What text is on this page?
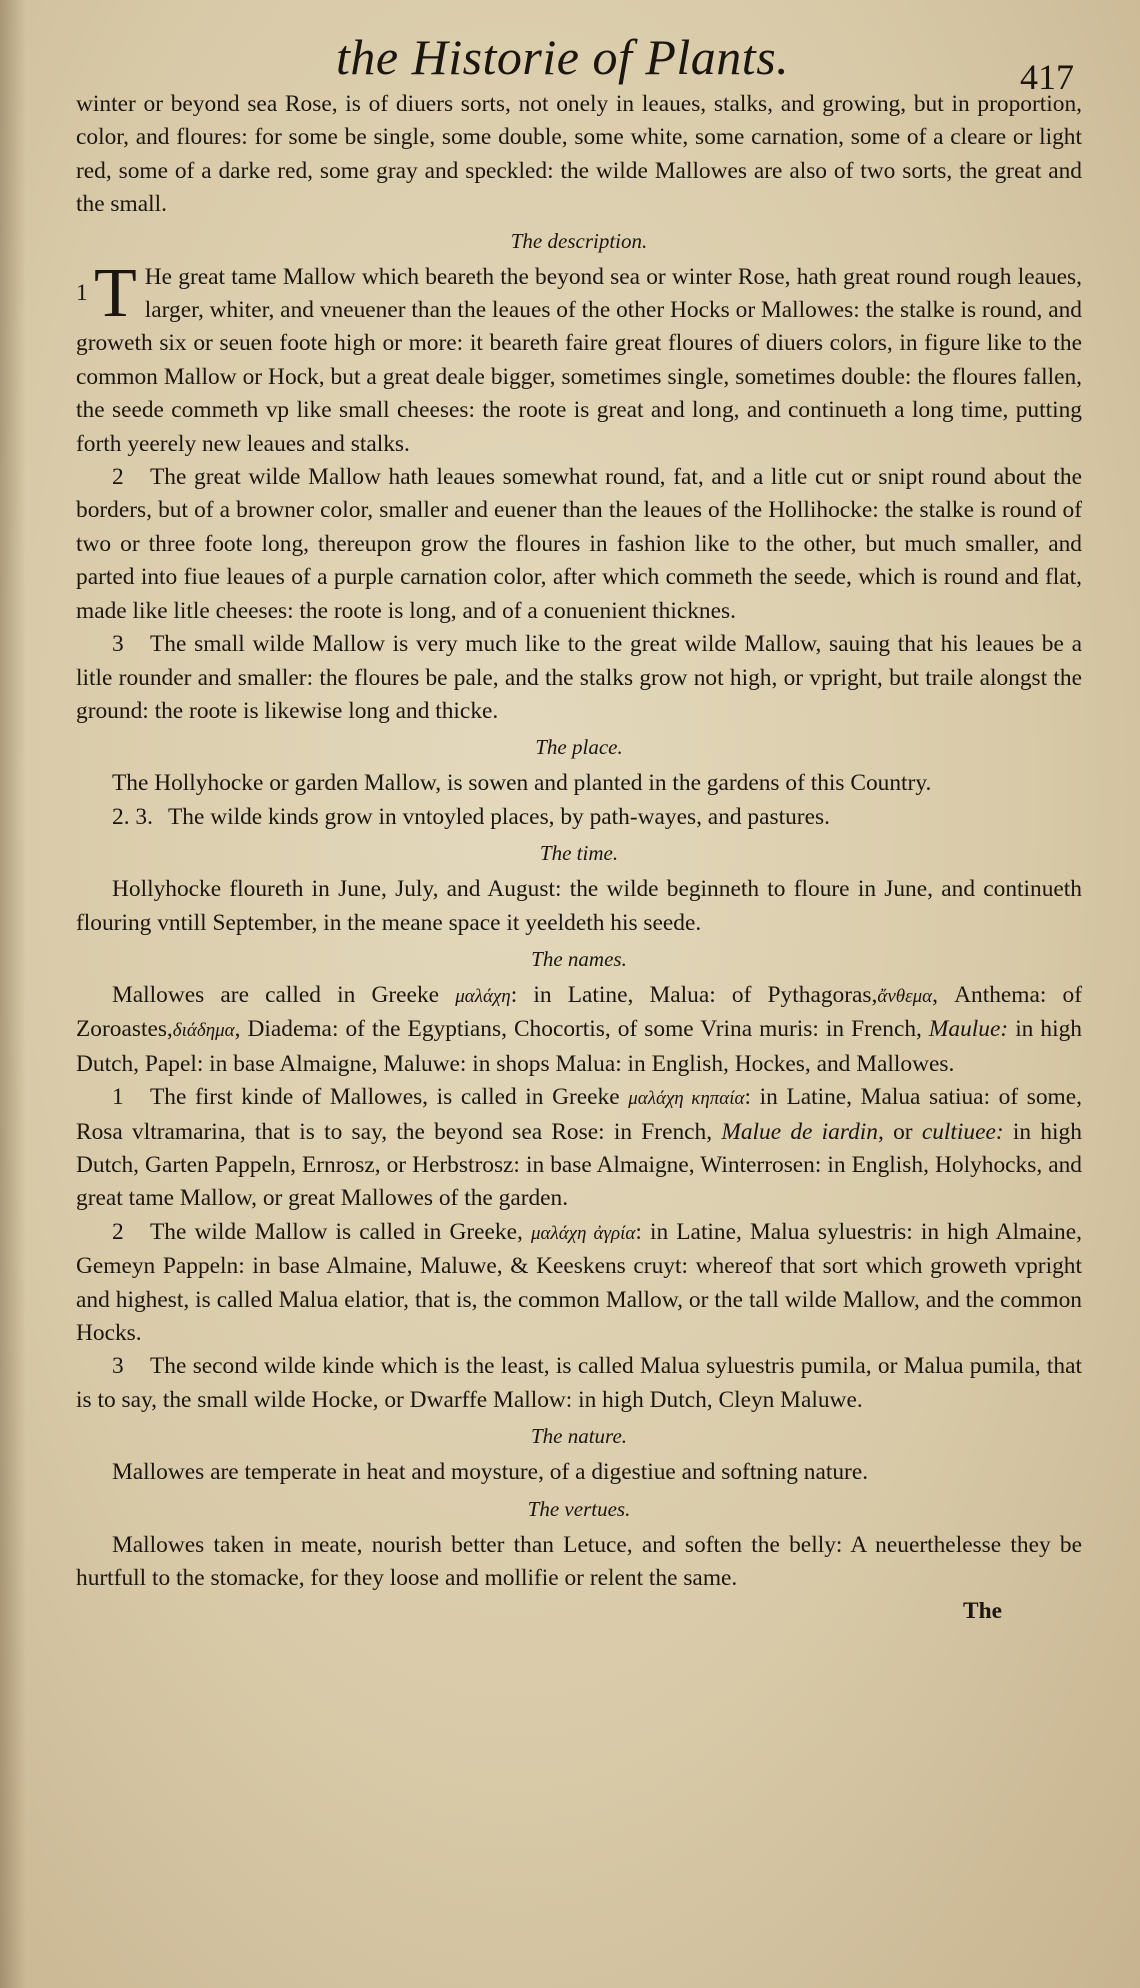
the Historie of Plants.	417

winter or beyond sea Rose, is of diuers sorts, not onely in leaues, stalks, and growing, but in proportion, color, and floures: for some be single, some double, some white, some carnation, some of a cleare or light red, some of a darke red, some gray and speckled: the wilde Mallowes are also of two sorts, the great and the small.

The description.

1 T He great tame Mallow which beareth the beyond sea or winter Rose, hath great round rough leaues, larger, whiter, and vneuener than the leaues of the other Hocks or Mallowes: the stalke is round, and groweth six or seuen foote high or more: it beareth faire great floures of diuers colors, in figure like to the common Mallow or Hock, but a great deale bigger, sometimes single, sometimes double: the floures fallen, the seede commeth vp like small cheeses: the roote is great and long, and continueth a long time, putting forth yeerely new leaues and stalks.

2 The great wilde Mallow hath leaues somewhat round, fat, and a litle cut or snipt round about the borders, but of a browner color, smaller and euener than the leaues of the Hollihocke: the stalke is round of two or three foote long, thereupon grow the floures in fashion like to the other, but much smaller, and parted into fiue leaues of a purple carnation color, after which commeth the seede, which is round and flat, made like litle cheeses: the roote is long, and of a conuenient thicknes.

3 The small wilde Mallow is very much like to the great wilde Mallow, sauing that his leaues be a litle rounder and smaller: the floures be pale, and the stalks grow not high, or vpright, but traile alongst the ground: the roote is likewise long and thicke.

The place.

The Hollyhocke or garden Mallow, is sowen and planted in the gardens of this Country.

2. 3. The wilde kinds grow in vntoyled places, by path-wayes, and pastures.

The time.

Hollyhocke floureth in June, July, and August: the wilde beginneth to floure in June, and continueth flouring vntill September, in the meane space it yeeldeth his seede.

The names.

Mallowes are called in Greeke μαλάχη: in Latine, Malua: of Pythagoras,ἄνθεμα, Anthema: of Zoroastes,διάδημα, Diadema: of the Egyptians, Chocortis, of some Vrina muris: in French, Maulue: in high Dutch, Papel: in base Almaigne, Maluwe: in shops Malua: in English, Hockes, and Mallowes.

1 The first kinde of Mallowes, is called in Greeke μαλάχη κηπαία: in Latine, Malua satiua: of some, Rosa vltramarina, that is to say, the beyond sea Rose: in French, Malue de iardin, or cultiuee: in high Dutch, Garten Pappeln, Ernrosz, or Herbstrosz: in base Almaigne, Winterrosen: in English, Holyhocks, and great tame Mallow, or great Mallowes of the garden.

2 The wilde Mallow is called in Greeke, μαλάχη ἀγρία: in Latine, Malua syluestris: in high Almaine, Gemeyn Pappeln: in base Almaine, Maluwe, & Keeskens cruyt: whereof that sort which groweth vpright and highest, is called Malua elatior, that is, the common Mallow, or the tall wilde Mallow, and the common Hocks.

3 The second wilde kinde which is the least, is called Malua syluestris pumila, or Malua pumila, that is to say, the small wilde Hocke, or Dwarffe Mallow: in high Dutch, Cleyn Maluwe.

The nature.

Mallowes are temperate in heat and moysture, of a digestiue and softning nature.

The vertues.

Mallowes taken in meate, nourish better than Letuce, and soften the belly: A neuerthelesse they be hurtfull to the stomacke, for they loose and mollifie or relent the same.

The
